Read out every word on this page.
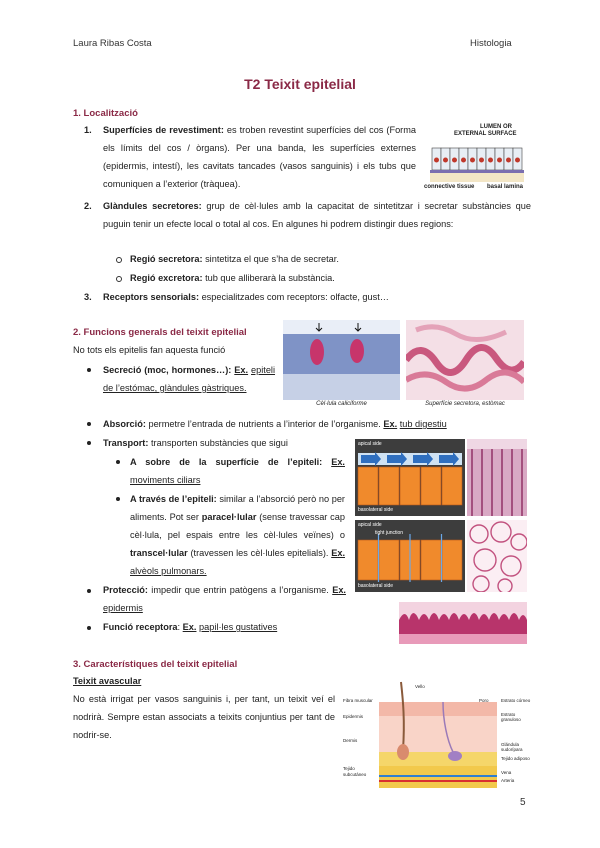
Laura Ribas Costa	Histologia
T2 Teixit epitelial
1. Localització
1. Superfícies de revestiment: es troben revestint superfícies del cos (Forma els límits del cos / òrgans). Per una banda, les superfícies externes (epidermis, intestí), les cavitats tancades (vasos sanguinis) i els tubs que comuniquen a l’exterior (tràquea).
2. Glàndules secretores: grup de cèl·lules amb la capacitat de sintetitzar i secretar substàncies que puguin tenir un efecte local o total al cos. En algunes hi podrem distingir dues regions:
Regió secretora: sintetitza el que s’ha de secretar.
Regió excretora: tub que alliberarà la substància.
3. Receptors sensorials: especialitzades com receptors: olfacte, gust…
LUMEN OR
EXTERNAL SURFACE
connective tissue basal lamina
2. Funcions generals del teixit epitelial
No tots els epitelis fan aquesta funció
Secreció (moc, hormones…): Ex. epiteli de l’estómac, glàndules gàstriques.
Cèl·lula caliciforme	Superfície secretora, estòmac
Absorció: permetre l’entrada de nutrients a l’interior de l’organisme. Ex. tub digestiu
Transport: transporten substàncies que sigui
A sobre de la superfície de l’epiteli: Ex. moviments ciliars
A través de l’epiteli: similar a l’absorció però no per aliments. Pot ser paracel·lular (sense travessar cap cèl·lula, pel espais entre les cèl·lules veïnes) o transcel·lular (travessen les cèl·lules epitelials). Ex. alvèols pulmonars.
apical side
basolateral side
apical side
tight junction
basolateral side
Protecció: impedir que entrin patògens a l’organisme. Ex. epidermis
Funció receptora: Ex. papil·les gustatives
3. Característiques del teixit epitelial
Teixit avascular
No està irrigat per vasos sanguinis i, per tant, un teixit veí el nodrirà. Sempre estan associats a teixits conjuntius per tant de nodrir-se.
Vello
Fibra muscular
Epidermis
Dermis
Tejido
subcutáneo
Poro	Estrato córneo
Estrato granuloso
Glándula sudorípara
Tejido adiposo
Vena
Arteria
5
